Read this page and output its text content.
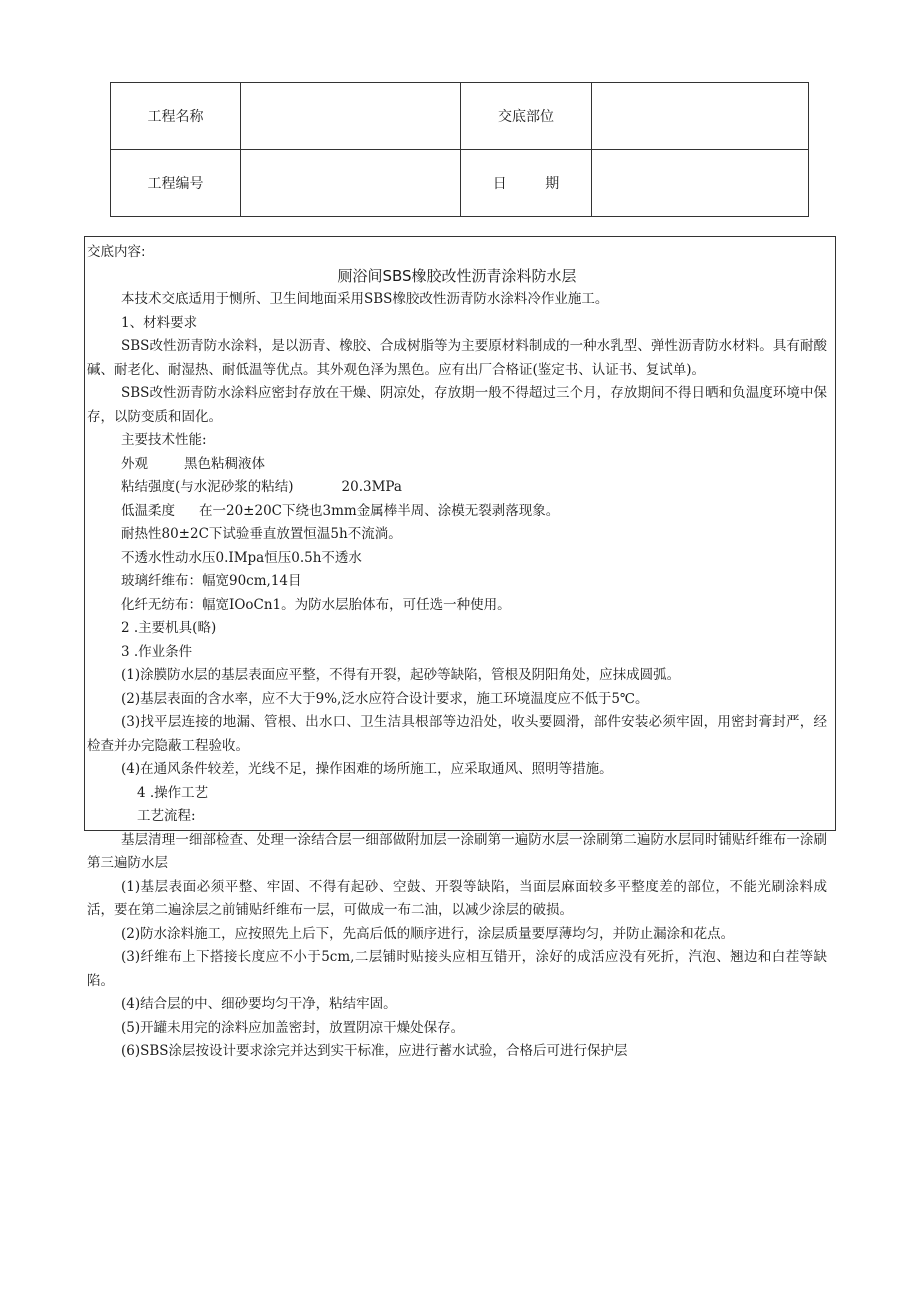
工程名称		交底部位	
工程编号		日 期	

交底内容:

厕浴间SBS橡胶改性沥青涂料防水层

本技术交底适用于恻所、卫生间地面采用SBS橡胶改性沥青防水涂料冷作业施工。

1、材料要求

SBS改性沥青防水涂料，是以沥青、橡胶、合成树脂等为主要原材料制成的一种水乳型、弹性沥青防水材料。具有耐酸碱、耐老化、耐湿热、耐低温等优点。其外观色泽为黑色。应有出厂合格证(鉴定书、认证书、复试单)。

SBS改性沥青防水涂料应密封存放在干燥、阴凉处，存放期一般不得超过三个月，存放期间不得日晒和负温度环境中保存，以防变质和固化。

主要技术性能:

外观	黑色粘稠液体

粘结强度(与水泥砂浆的粘结)	20.3MPa

低温柔度 在一20±20C下绕也3mm金属棒半周、涂模无裂剥落现象。

耐热性80±2C下试验垂直放置恒温5h不流淌。

不透水性动水压0.IMpa恒压0.5h不透水

玻璃纤维布：幅宽90cm,14目

化纤无纺布：幅宽IOoCn1。为防水层胎体布，可任选一种使用。

2 .主要机具(略)

3 .作业条件

(1)涂膜防水层的基层表面应平整，不得有开裂，起砂等缺陷，管根及阴阳角处，应抹成圆弧。

(2)基层表面的含水率，应不大于9%,泛水应符合设计要求，施工环境温度应不低于5℃。

(3)找平层连接的地漏、管根、出水口、卫生洁具根部等边沿处，收头要圆滑，部件安装必须牢固，用密封膏封严，经检查并办完隐蔽工程验收。

(4)在通风条件较差，光线不足，操作困难的场所施工，应采取通风、照明等措施。

4 .操作工艺

工艺流程:

基层清理一细部检查、处理一涂结合层一细部做附加层一涂刷第一遍防水层一涂刷第二遍防水层同时铺贴纤维布一涂刷第三遍防水层

(1)基层表面必须平整、牢固、不得有起砂、空鼓、开裂等缺陷，当面层麻面较多平整度差的部位，不能光刷涂料成活，要在第二遍涂层之前铺贴纤维布一层，可做成一布二油，以减少涂层的破损。

(2)防水涂料施工，应按照先上后下，先高后低的顺序进行，涂层质量要厚薄均匀，并防止漏涂和花点。

(3)纤维布上下搭接长度应不小于5cm,二层铺时贴接头应相互错开，涂好的成活应没有死折，汽泡、翘边和白茬等缺陷。

(4)结合层的中、细砂要均匀干净，粘结牢固。

(5)开罐未用完的涂料应加盖密封，放置阴凉干燥处保存。

(6)SBS涂层按设计要求涂完并达到实干标准，应进行蓄水试验，合格后可进行保护层
